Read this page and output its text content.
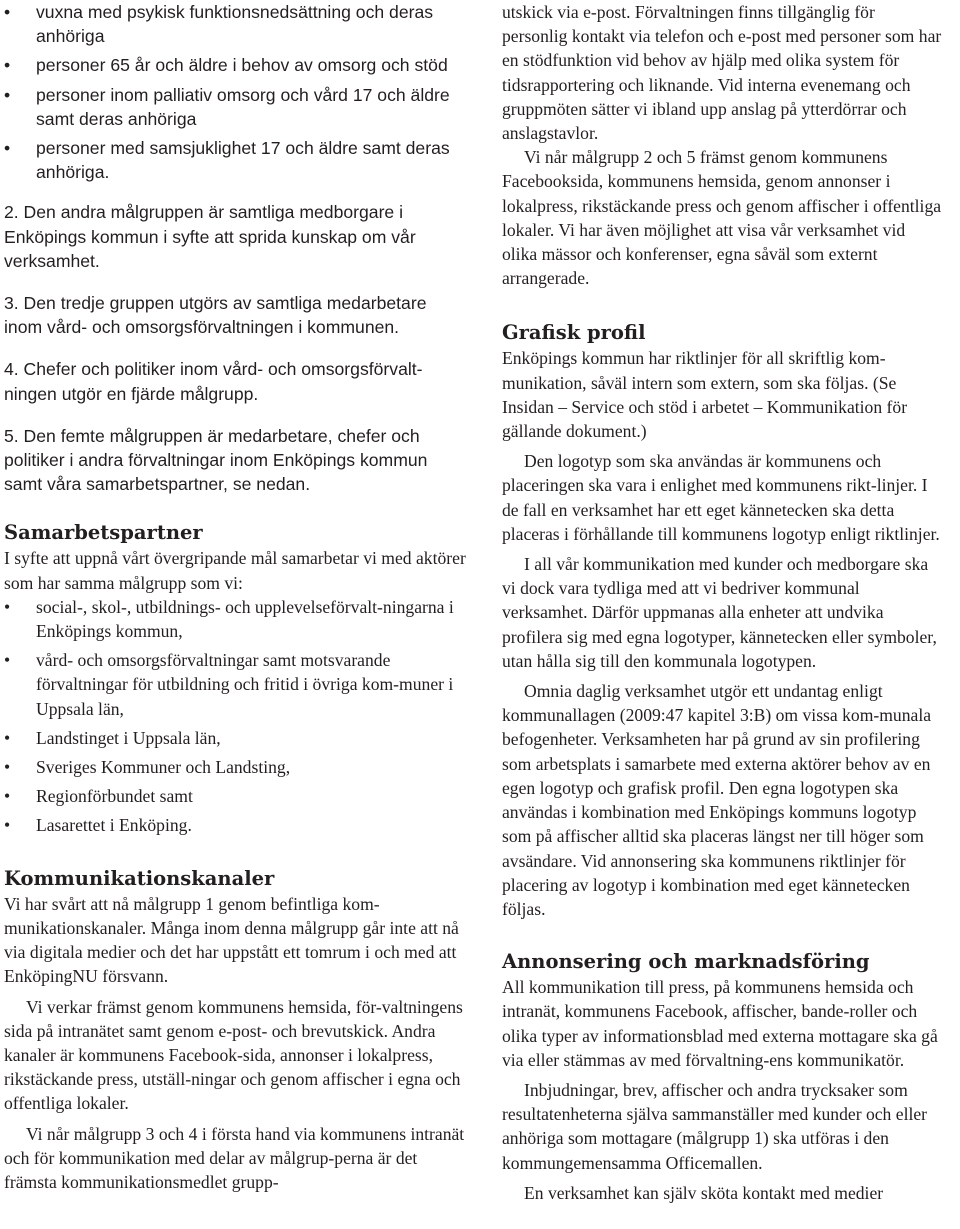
• vuxna med psykisk funktionsnedsättning och deras anhöriga
• personer 65 år och äldre i behov av omsorg och stöd
• personer inom palliativ omsorg och vård 17 och äldre samt deras anhöriga
• personer med samsjuklighet 17 och äldre samt deras anhöriga.

2. Den andra målgruppen är samtliga medborgare i Enköpings kommun i syfte att sprida kunskap om vår verksamhet.

3. Den tredje gruppen utgörs av samtliga medarbetare inom vård- och omsorgsförvaltningen i kommunen.

4. Chefer och politiker inom vård- och omsorgsförvalt-ningen utgör en fjärde målgrupp.

5. Den femte målgruppen är medarbetare, chefer och politiker i andra förvaltningar inom Enköpings kommun samt våra samarbetspartner, se nedan.

Samarbetspartner

I syfte att uppnå vårt övergripande mål samarbetar vi med aktörer som har samma målgrupp som vi:

• social-, skol-, utbildnings- och upplevelseförvalt-ningarna i Enköpings kommun,
• vård- och omsorgsförvaltningar samt motsvarande förvaltningar för utbildning och fritid i övriga kom-muner i Uppsala län,
• Landstinget i Uppsala län,
• Sveriges Kommuner och Landsting,
• Regionförbundet samt
• Lasarettet i Enköping.
Kommunikationskanaler

Vi har svårt att nå målgrupp 1 genom befintliga kom-munikationskanaler. Många inom denna målgrupp går inte att nå via digitala medier och det har uppstått ett tomrum i och med att EnköpingNU försvann.

Vi verkar främst genom kommunens hemsida, för-valtningens sida på intranätet samt genom e-post- och brevutskick. Andra kanaler är kommunens Facebook-sida, annonser i lokalpress, rikstäckande press, utställ-ningar och genom affischer i egna och offentliga lokaler.

Vi når målgrupp 3 och 4 i första hand via kommunens intranät och för kommunikation med delar av målgrup-perna är det främsta kommunikationsmedlet grupp-

utskick via e-post. Förvaltningen finns tillgänglig för personlig kontakt via telefon och e-post med personer som har en stödfunktion vid behov av hjälp med olika system för tidsrapportering och liknande. Vid interna evenemang och gruppmöten sätter vi ibland upp anslag på ytterdörrar och anslagstavlor.

Vi når målgrupp 2 och 5 främst genom kommunens Facebooksida, kommunens hemsida, genom annonser i lokalpress, rikstäckande press och genom affischer i offentliga lokaler. Vi har även möjlighet att visa vår verksamhet vid olika mässor och konferenser, egna såväl som externt arrangerade.

Grafisk profil

Enköpings kommun har riktlinjer för all skriftlig kom-munikation, såväl intern som extern, som ska följas. (Se Insidan – Service och stöd i arbetet – Kommunikation för gällande dokument.)

Den logotyp som ska användas är kommunens och placeringen ska vara i enlighet med kommunens rikt-linjer. I de fall en verksamhet har ett eget kännetecken ska detta placeras i förhållande till kommunens logotyp enligt riktlinjer.

I all vår kommunikation med kunder och medborgare ska vi dock vara tydliga med att vi bedriver kommunal verksamhet. Därför uppmanas alla enheter att undvika profilera sig med egna logotyper, kännetecken eller symboler, utan hålla sig till den kommunala logotypen.

Omnia daglig verksamhet utgör ett undantag enligt kommunallagen (2009:47 kapitel 3:B) om vissa kom-munala befogenheter. Verksamheten har på grund av sin profilering som arbetsplats i samarbete med externa aktörer behov av en egen logotyp och grafisk profil. Den egna logotypen ska användas i kombination med Enköpings kommuns logotyp som på affischer alltid ska placeras längst ner till höger som avsändare. Vid annonsering ska kommunens riktlinjer för placering av logotyp i kombination med eget kännetecken följas.

Annonsering och marknadsföring

All kommunikation till press, på kommunens hemsida och intranät, kommunens Facebook, affischer, bande-roller och olika typer av informationsblad med externa mottagare ska gå via eller stämmas av med förvaltning-ens kommunikatör.

Inbjudningar, brev, affischer och andra trycksaker som resultatenheterna själva sammanställer med kunder och eller anhöriga som mottagare (målgrupp 1) ska utföras i den kommungemensamma Officemallen.

En verksamhet kan själv sköta kontakt med medier
